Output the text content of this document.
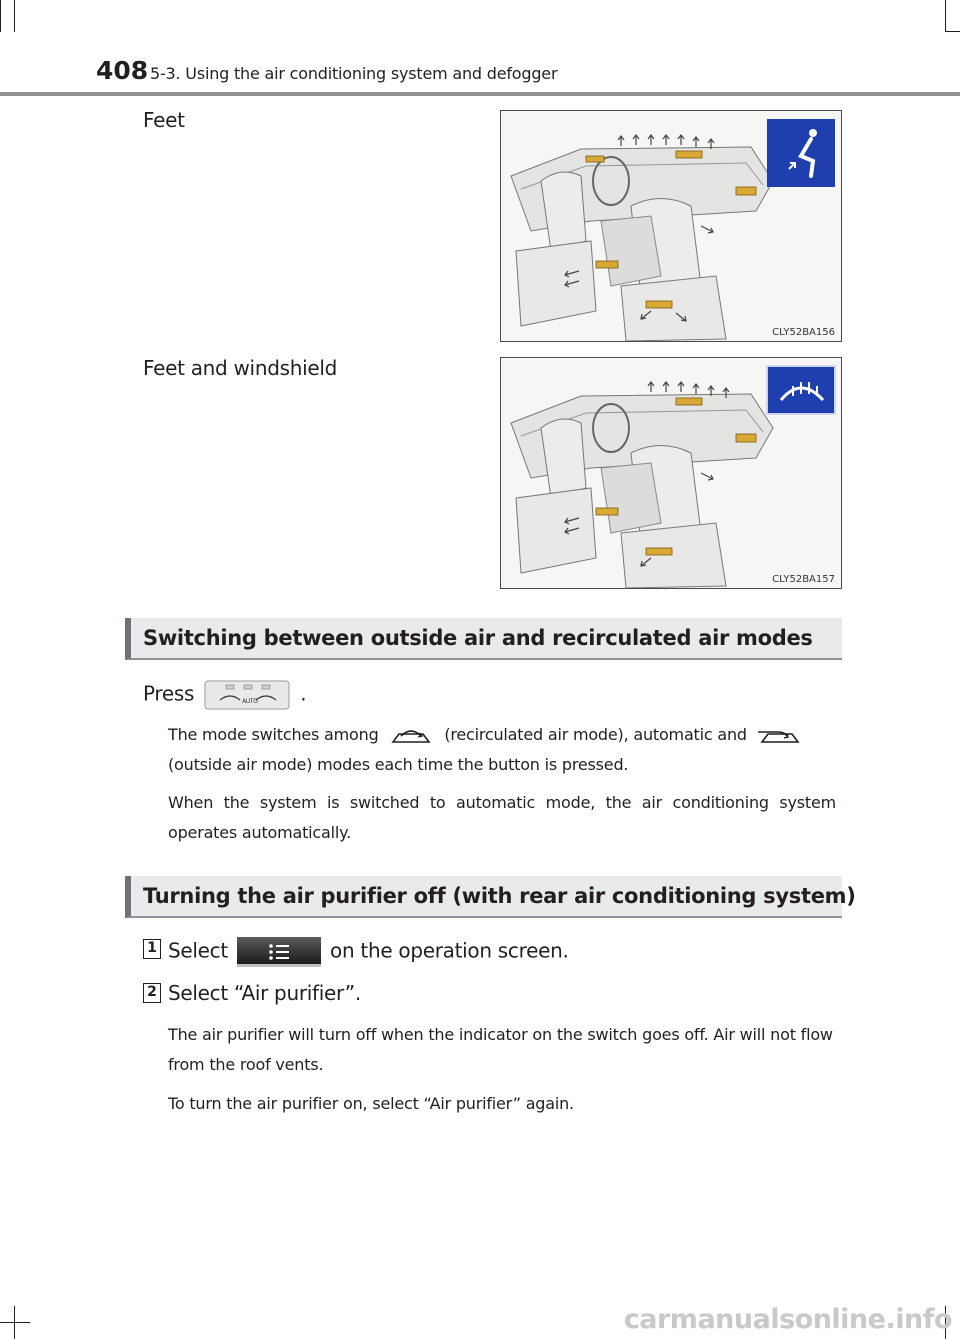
408 5-3. Using the air conditioning system and defogger
Feet
CLY52BA156
Feet and windshield
CLY52BA157
Switching between outside air and recirculated air modes
Press	AUTO .
The mode switches among	(recirculated air mode), automatic and
(outside air mode) modes each time the button is pressed.
When the system is switched to automatic mode, the air conditioning system operates automatically.
Turning the air purifier off (with rear air conditioning system)
1 Select	on the operation screen.
2 Select “Air purifier”.
The air purifier will turn off when the indicator on the switch goes off. Air will not flow from the roof vents.
To turn the air purifier on, select “Air purifier” again.
carmanualsonline.info
